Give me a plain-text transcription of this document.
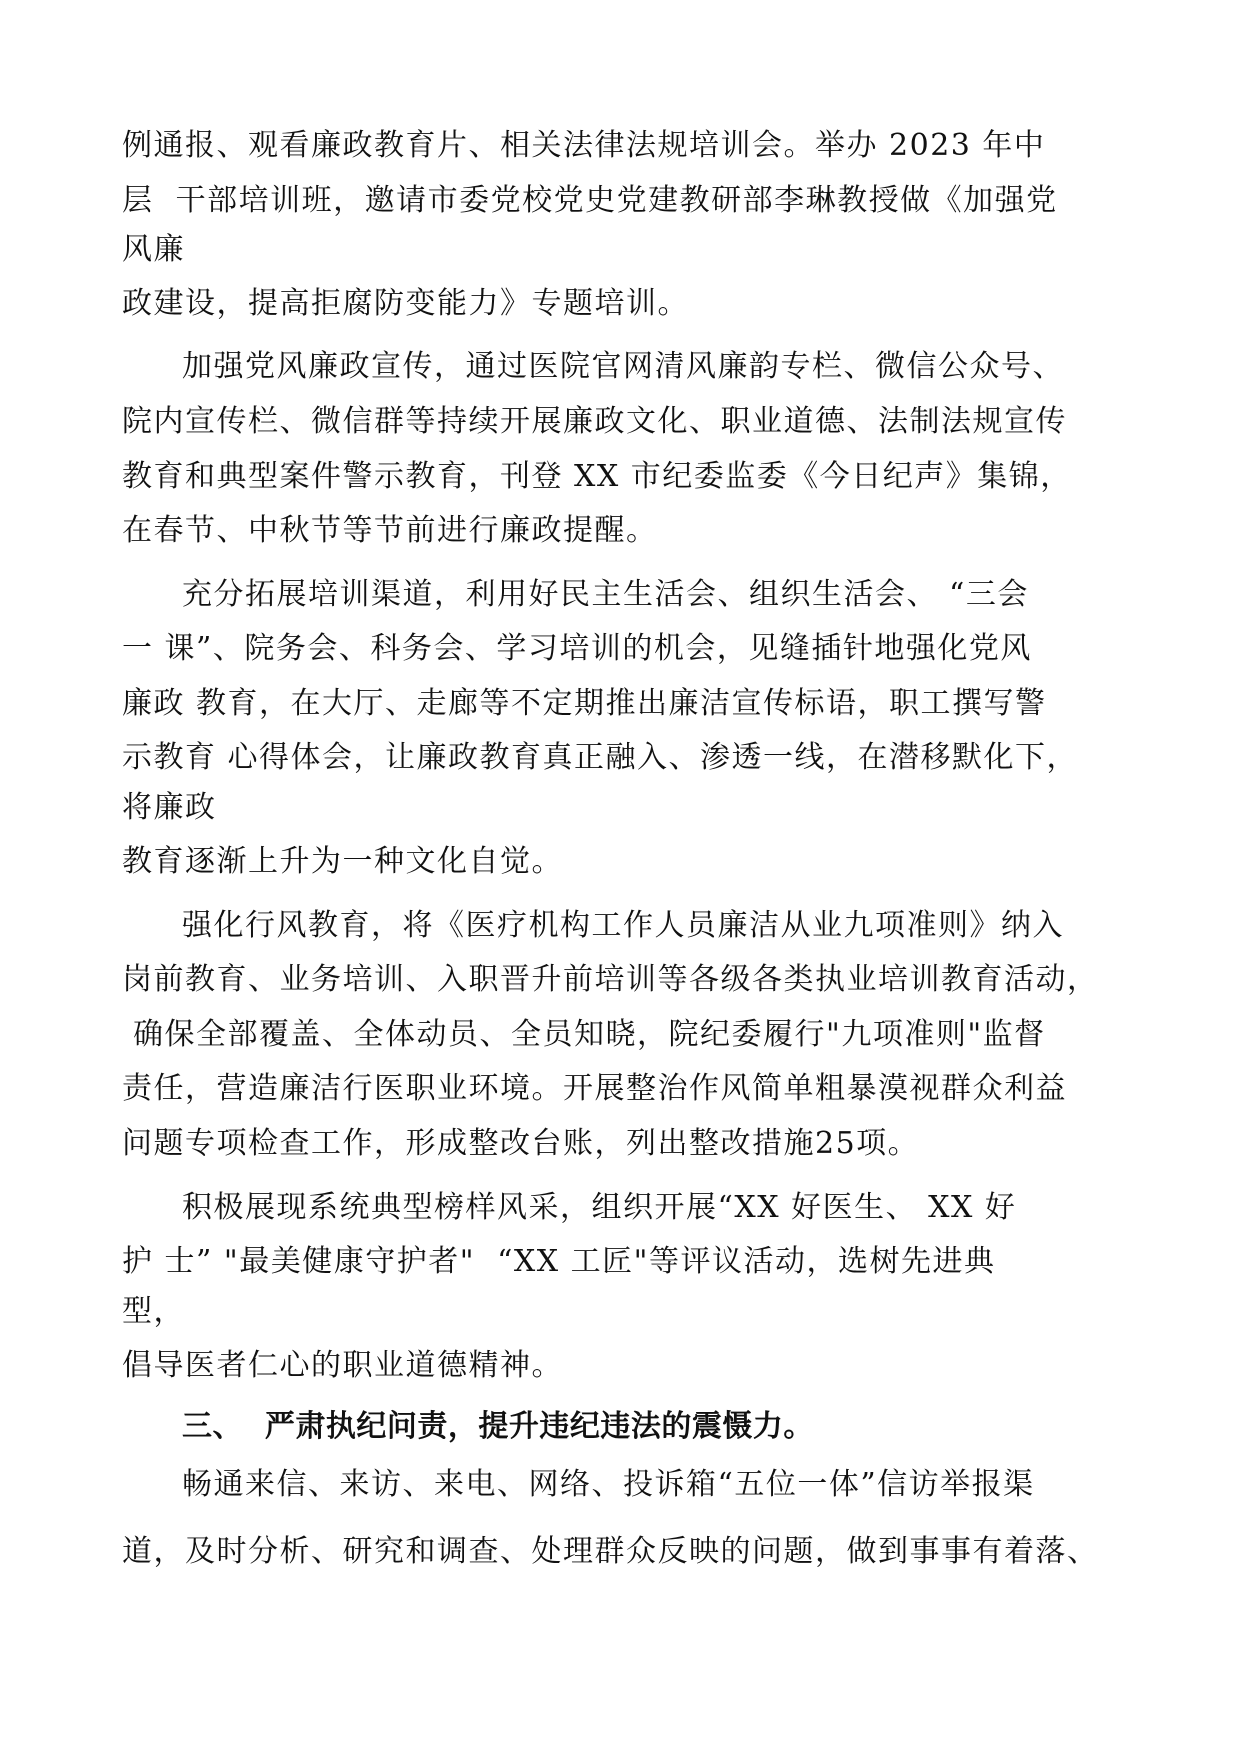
例通报、观看廉政教育片、相关法律法规培训会。举办 2023 年中
层  干部培训班，邀请市委党校党史党建教研部李琳教授做《加强党
风廉
政建设，提高拒腐防变能力》专题培训。
加强党风廉政宣传，通过医院官网清风廉韵专栏、微信公众号、
院内宣传栏、微信群等持续开展廉政文化、职业道德、法制法规宣传
教育和典型案件警示教育，刊登 XX 市纪委监委《今日纪声》集锦，
在春节、中秋节等节前进行廉政提醒。
充分拓展培训渠道，利用好民主生活会、组织生活会、 “三会
一 课”、院务会、科务会、学习培训的机会，见缝插针地强化党风
廉政 教育，在大厅、走廊等不定期推出廉洁宣传标语，职工撰写警
示教育 心得体会，让廉政教育真正融入、渗透一线，在潜移默化下，
将廉政
教育逐渐上升为一种文化自觉。
强化行风教育，将《医疗机构工作人员廉洁从业九项准则》纳入
岗前教育、业务培训、入职晋升前培训等各级各类执业培训教育活动，
确保全部覆盖、全体动员、全员知晓，院纪委履行"九项准则"监督
责任，营造廉洁行医职业环境。开展整治作风简单粗暴漠视群众利益
问题专项检查工作，形成整改台账，列出整改措施25项。
积极展现系统典型榜样风采，组织开展“XX 好医生、 XX 好
护 士” "最美健康守护者"  “XX 工匠"等评议活动，选树先进典
型，
倡导医者仁心的职业道德精神。
三、  严肃执纪问责，提升违纪违法的震慑力。
畅通来信、来访、来电、网络、投诉箱“五位一体”信访举报渠
道，及时分析、研究和调查、处理群众反映的问题，做到事事有着落、
